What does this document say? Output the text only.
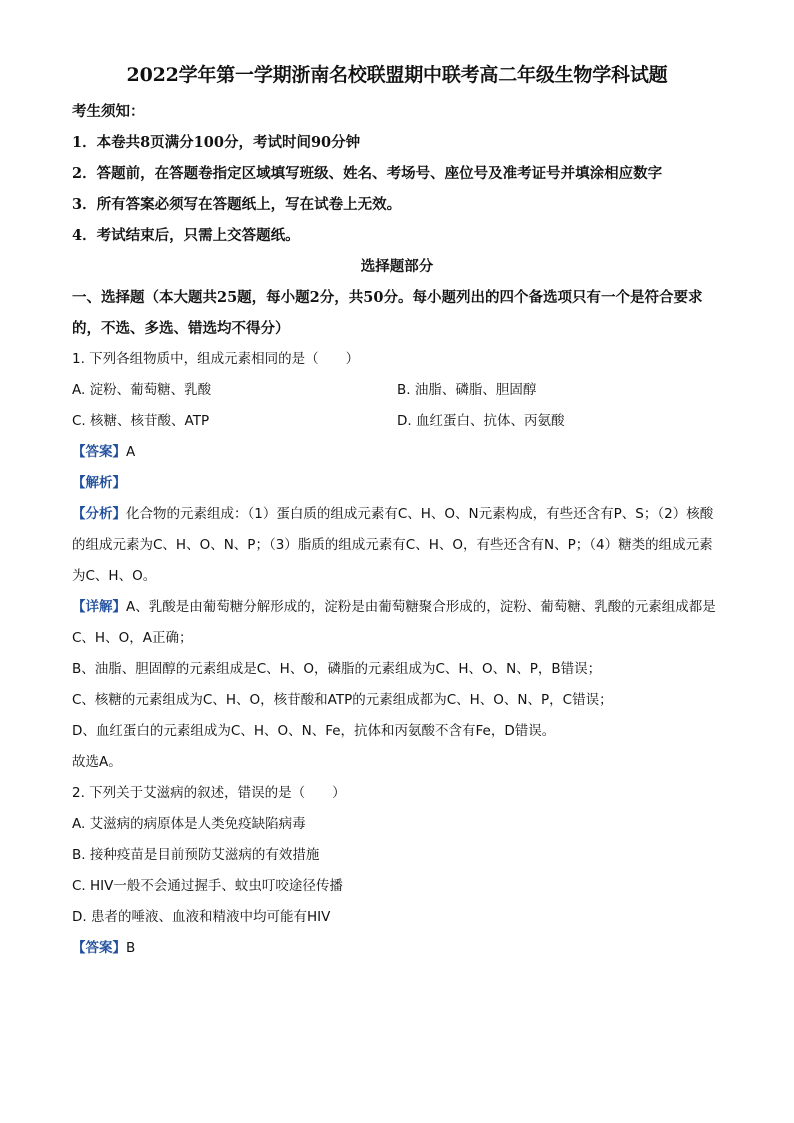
2022学年第一学期浙南名校联盟期中联考高二年级生物学科试题
考生须知：
1．本卷共8页满分100分，考试时间90分钟
2．答题前，在答题卷指定区域填写班级、姓名、考场号、座位号及准考证号并填涂相应数字
3．所有答案必须写在答题纸上，写在试卷上无效。
4．考试结束后，只需上交答题纸。
选择题部分
一、选择题（本大题共25题，每小题2分，共50分。每小题列出的四个备选项只有一个是符合要求的，不选、多选、错选均不得分）
1. 下列各组物质中，组成元素相同的是（　　）
A. 淀粉、葡萄糖、乳酸	B. 油脂、磷脂、胆固醇
C. 核糖、核苷酸、ATP	D. 血红蛋白、抗体、丙氨酸
【答案】A
【解析】
【分析】化合物的元素组成：（1）蛋白质的组成元素有C、H、O、N元素构成，有些还含有P、S；（2）核酸的组成元素为C、H、O、N、P；（3）脂质的组成元素有C、H、O，有些还含有N、P；（4）糖类的组成元素为C、H、O。
【详解】A、乳酸是由葡萄糖分解形成的，淀粉是由葡萄糖聚合形成的，淀粉、葡萄糖、乳酸的元素组成都是C、H、O，A正确；
B、油脂、胆固醇的元素组成是C、H、O，磷脂的元素组成为C、H、O、N、P，B错误；
C、核糖的元素组成为C、H、O，核苷酸和ATP的元素组成都为C、H、O、N、P，C错误；
D、血红蛋白的元素组成为C、H、O、N、Fe，抗体和丙氨酸不含有Fe，D错误。
故选A。
2. 下列关于艾滋病的叙述，错误的是（　　）
A. 艾滋病的病原体是人类免疫缺陷病毒
B. 接种疫苗是目前预防艾滋病的有效措施
C. HIV一般不会通过握手、蚊虫叮咬途径传播
D. 患者的唾液、血液和精液中均可能有HIV
【答案】B
